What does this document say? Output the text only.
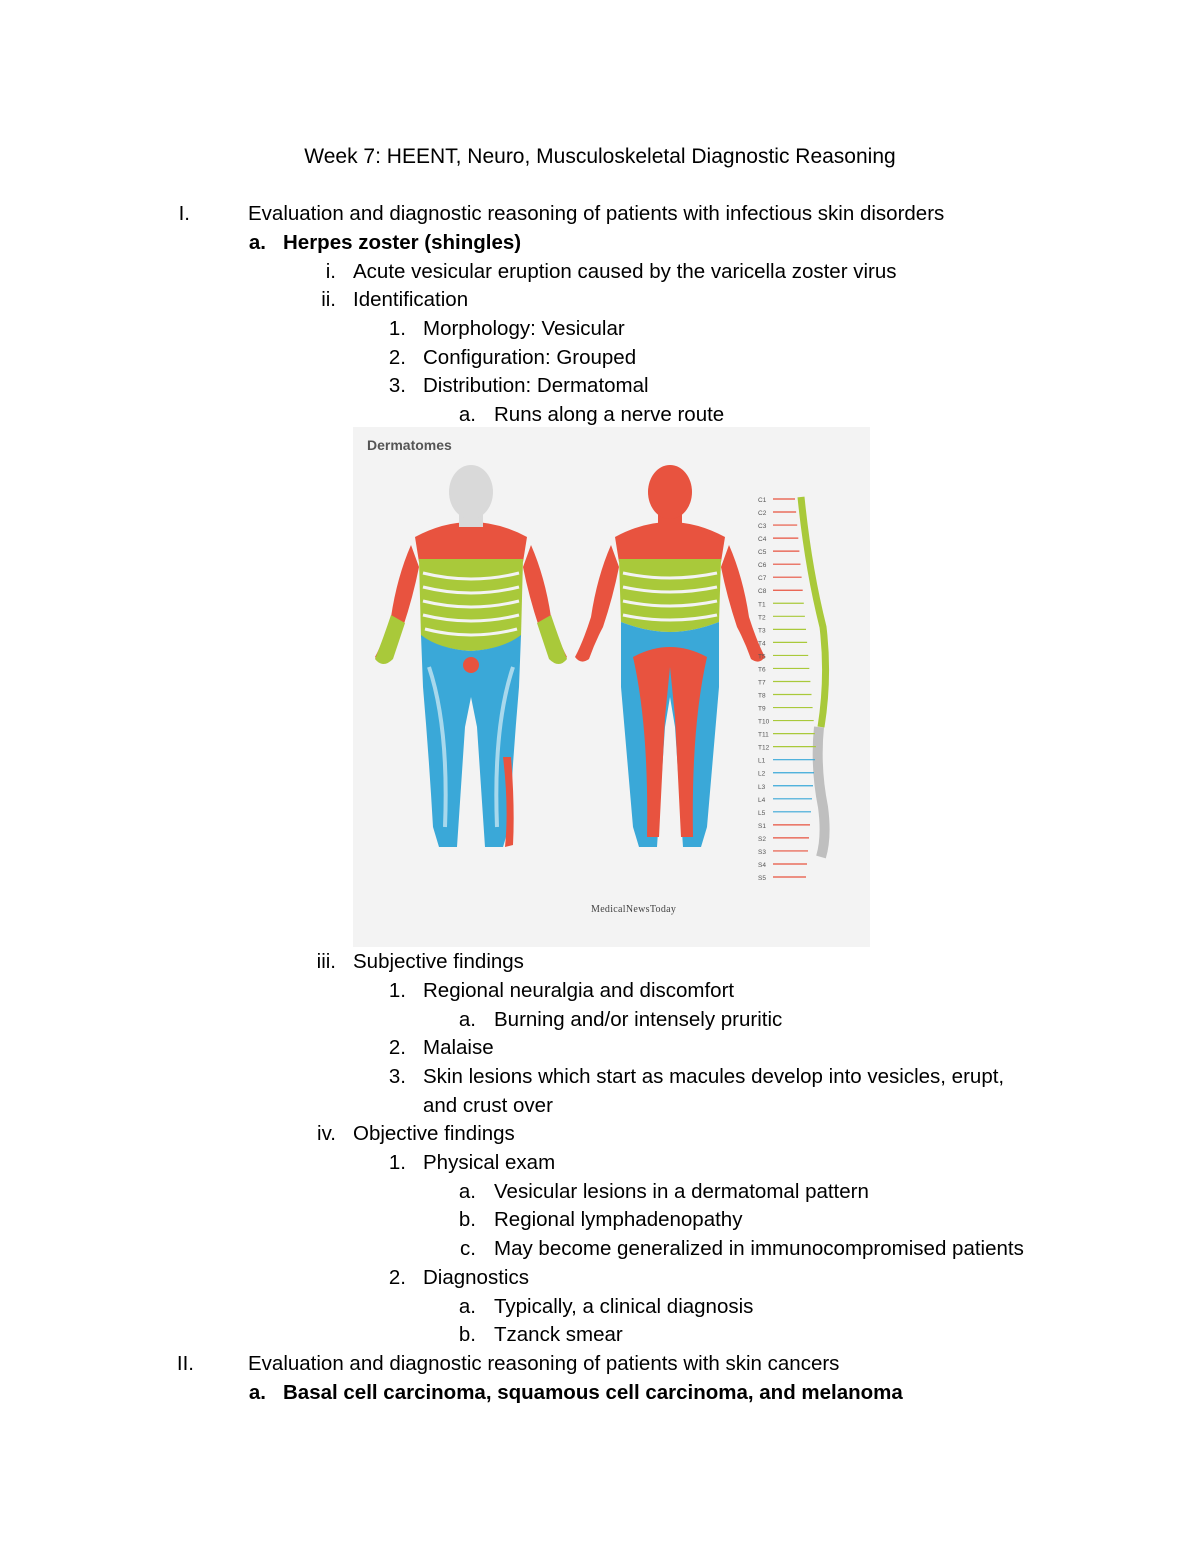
Week 7: HEENT, Neuro, Musculoskeletal Diagnostic Reasoning
I.	Evaluation and diagnostic reasoning of patients with infectious skin disorders
a. Herpes zoster (shingles)
i. Acute vesicular eruption caused by the varicella zoster virus
ii. Identification
1. Morphology: Vesicular
2. Configuration: Grouped
3. Distribution: Dermatomal
a. Runs along a nerve route
C1
C2
C3
C4
C5
C6
C7
C8
T1
T2
T3
T4
T5
T6
T7
T8
T9
T10
T11
T12
L1
L2
L3
L4
L5
S1
S2
S3
S4
S5
Dermatomes
MedicalNewsToday
iii. Subjective findings
1. Regional neuralgia and discomfort
a. Burning and/or intensely pruritic
2. Malaise
3. Skin lesions which start as macules develop into vesicles, erupt,
and crust over
iv. Objective findings
1. Physical exam
a. Vesicular lesions in a dermatomal pattern
b. Regional lymphadenopathy
c. May become generalized in immunocompromised patients
2. Diagnostics
a. Typically, a clinical diagnosis
b. Tzanck smear
II.	Evaluation and diagnostic reasoning of patients with skin cancers
a. Basal cell carcinoma, squamous cell carcinoma, and melanoma
